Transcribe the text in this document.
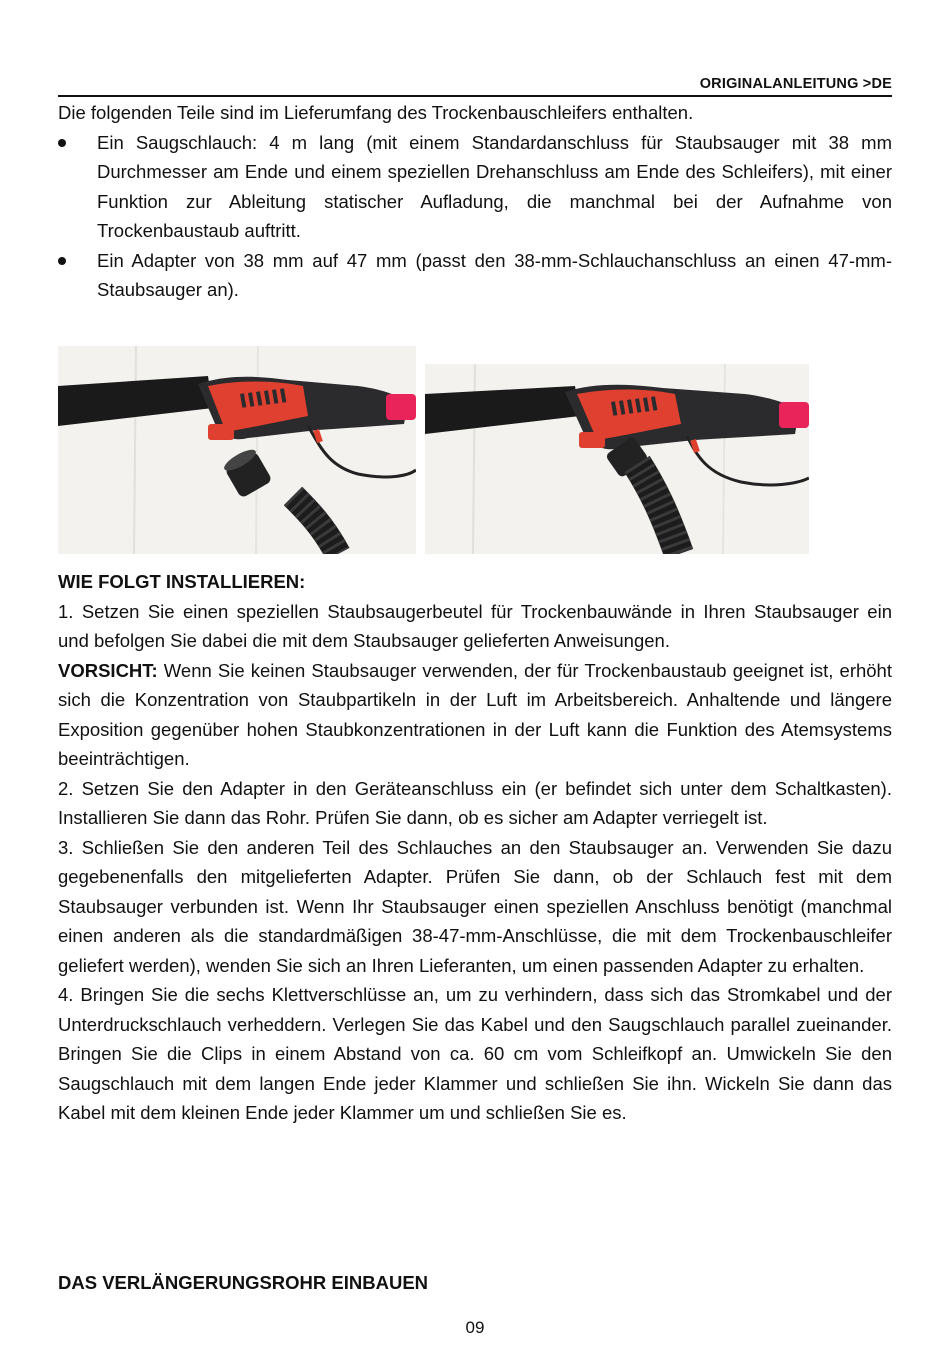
ORIGINALANLEITUNG >DE

Die folgenden Teile sind im Lieferumfang des Trockenbauschleifers enthalten.

Ein Saugschlauch: 4 m lang (mit einem Standardanschluss für Staubsauger mit 38 mm Durchmesser am Ende und einem speziellen Drehanschluss am Ende des Schleifers), mit einer Funktion zur Ableitung statischer Aufladung, die manchmal bei der Aufnahme von Trockenbaustaub auftritt.
Ein Adapter von 38 mm auf 47 mm (passt den 38-mm-Schlauchanschluss an einen 47-mm-Staubsauger an).

WIE FOLGT INSTALLIEREN:

1. Setzen Sie einen speziellen Staubsaugerbeutel für Trockenbauwände in Ihren Staubsauger ein und befolgen Sie dabei die mit dem Staubsauger gelieferten Anweisungen.

VORSICHT: Wenn Sie keinen Staubsauger verwenden, der für Trockenbaustaub geeignet ist, erhöht sich die Konzentration von Staubpartikeln in der Luft im Arbeitsbereich. Anhaltende und längere Exposition gegenüber hohen Staubkonzentrationen in der Luft kann die Funktion des Atemsystems beeinträchtigen.

2. Setzen Sie den Adapter in den Geräteanschluss ein (er befindet sich unter dem Schaltkasten). Installieren Sie dann das Rohr. Prüfen Sie dann, ob es sicher am Adapter verriegelt ist.

3. Schließen Sie den anderen Teil des Schlauches an den Staubsauger an. Verwenden Sie dazu gegebenenfalls den mitgelieferten Adapter. Prüfen Sie dann, ob der Schlauch fest mit dem Staubsauger verbunden ist. Wenn Ihr Staubsauger einen speziellen Anschluss benötigt (manchmal einen anderen als die standardmäßigen 38-47-mm-Anschlüsse, die mit dem Trockenbauschleifer geliefert werden), wenden Sie sich an Ihren Lieferanten, um einen passenden Adapter zu erhalten.

4. Bringen Sie die sechs Klettverschlüsse an, um zu verhindern, dass sich das Stromkabel und der Unterdruckschlauch verheddern. Verlegen Sie das Kabel und den Saugschlauch parallel zueinander. Bringen Sie die Clips in einem Abstand von ca. 60 cm vom Schleifkopf an. Umwickeln Sie den Saugschlauch mit dem langen Ende jeder Klammer und schließen Sie ihn. Wickeln Sie dann das Kabel mit dem kleinen Ende jeder Klammer um und schließen Sie es.

DAS VERLÄNGERUNGSROHR EINBAUEN

09
